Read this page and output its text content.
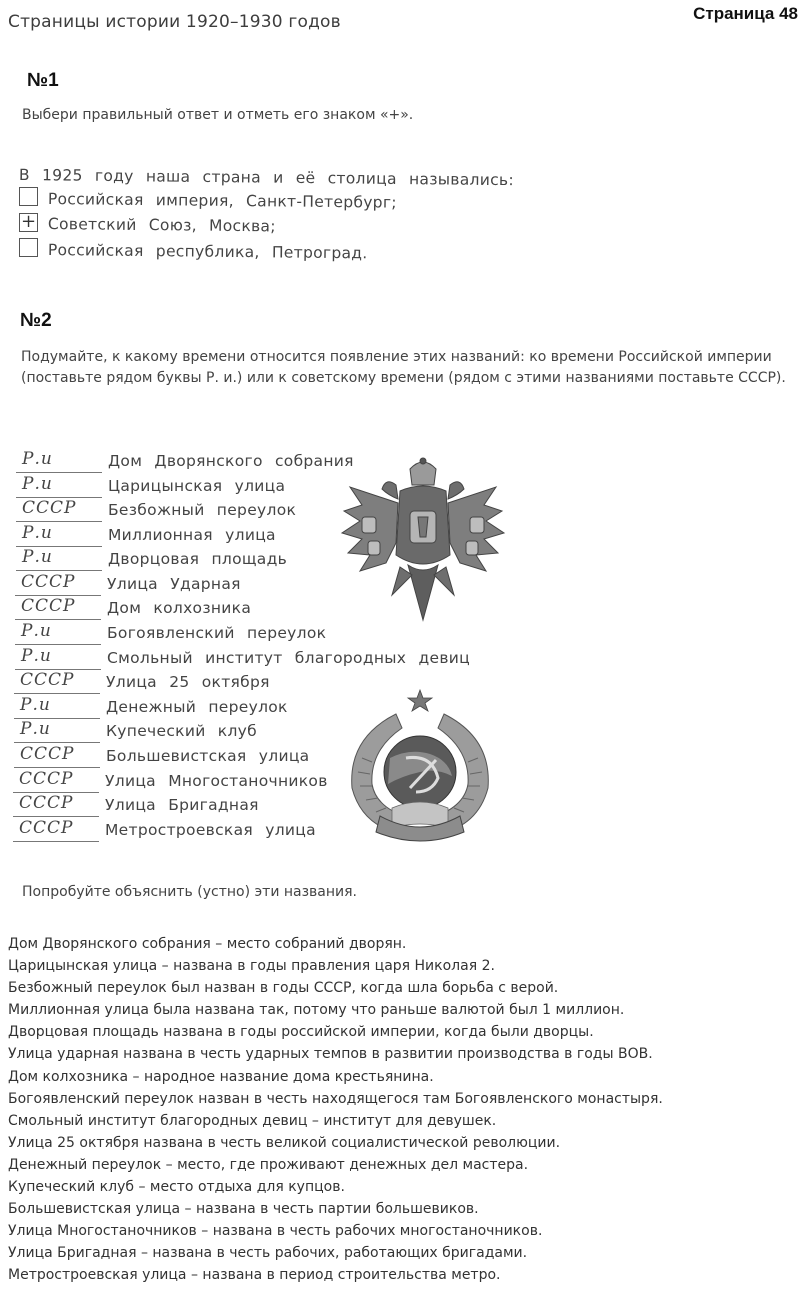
Страницы истории 1920–1930 годов	Страница 48
№1
Выбери правильный ответ и отметь его знаком «+».
В 1925 году наша страна и её столица назывались:
Российская империя, Санкт-Петербург;
+ Советский Союз, Москва;
Российская республика, Петроград.
№2
Подумайте, к какому времени относится появление этих названий: ко времени Российской империи (поставьте рядом буквы Р. и.) или к советскому времени (рядом с этими названиями поставьте СССР).
Р.и	Дом Дворянского собрания
Р.и	Царицынская улица
СССР Безбожный переулок
Р.и	Миллионная улица
Р.и	Дворцовая площадь
СССР Улица Ударная
СССР Дом колхозника
Р.и	Богоявленский переулок
Р.и	Смольный институт благородных девиц
СССР Улица 25 октября
Р.и	Денежный переулок
Р.и	Купеческий клуб
СССР Большевистская улица
СССР Улица Многостаночников
СССР Улица Бригадная
СССР Метростроевская улица
Попробуйте объяснить (устно) эти названия.
Дом Дворянского собрания – место собраний дворян.
Царицынская улица – названа в годы правления царя Николая 2.
Безбожный переулок был назван в годы СССР, когда шла борьба с верой.
Миллионная улица была названа так, потому что раньше валютой был 1 миллион.
Дворцовая площадь названа в годы российской империи, когда были дворцы.
Улица ударная названа в честь ударных темпов в развитии производства в годы ВОВ.
Дом колхозника – народное название дома крестьянина.
Богоявленский переулок назван в честь находящегося там Богоявленского монастыря.
Смольный институт благородных девиц – институт для девушек.
Улица 25 октября названа в честь великой социалистической революции.
Денежный переулок – место, где проживают денежных дел мастера.
Купеческий клуб – место отдыха для купцов.
Большевистская улица – названа в честь партии большевиков.
Улица Многостаночников – названа в честь рабочих многостаночников.
Улица Бригадная – названа в честь рабочих, работающих бригадами.
Метростроевская улица – названа в период строительства метро.
